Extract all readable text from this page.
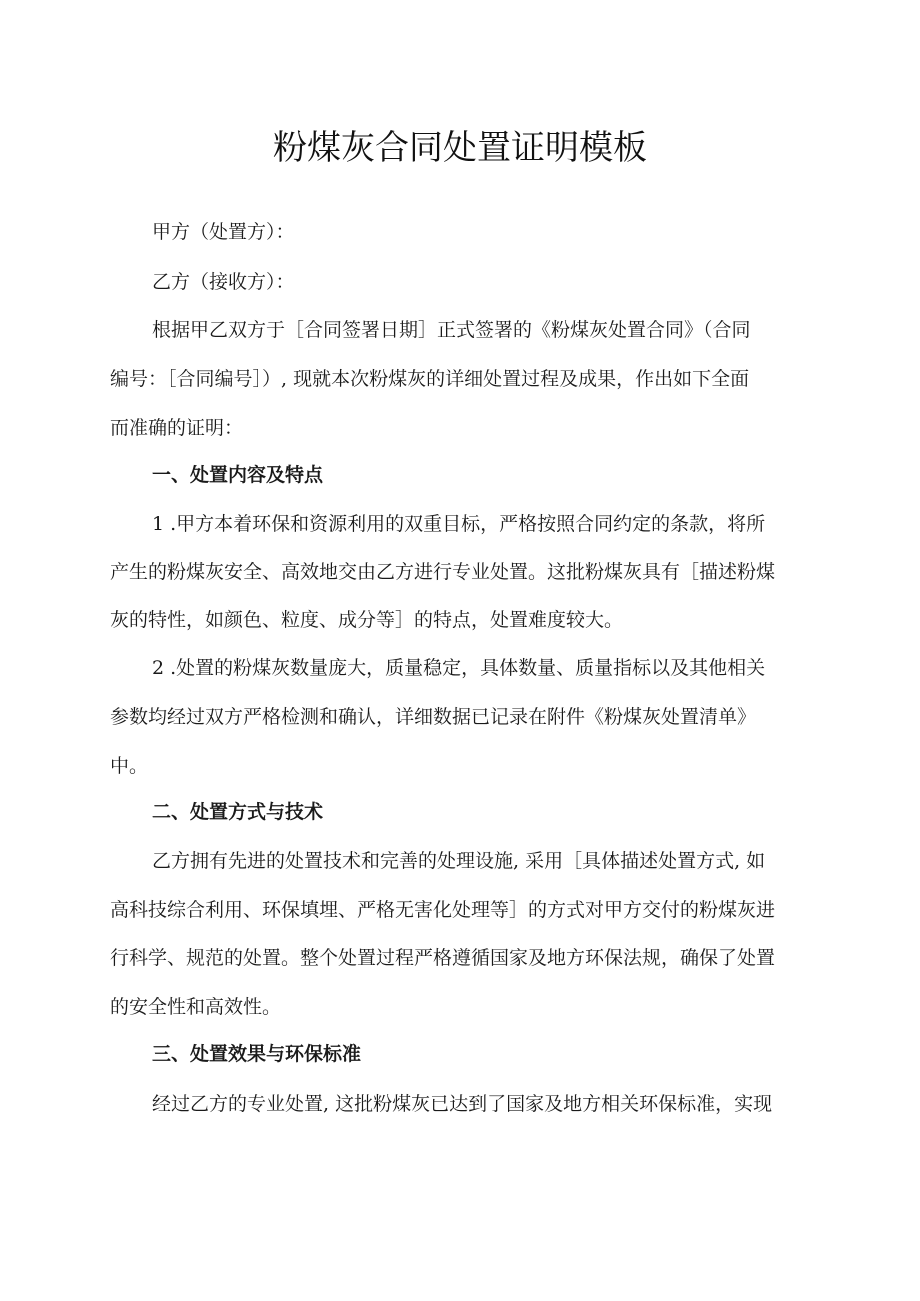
粉煤灰合同处置证明模板
甲方（处置方）：
乙方（接收方）：
根据甲乙双方于［合同签署日期］正式签署的《粉煤灰处置合同》（合同
编号：［合同编号］）, 现就本次粉煤灰的详细处置过程及成果，作出如下全面
而准确的证明：
一、处置内容及特点
1 .甲方本着环保和资源利用的双重目标，严格按照合同约定的条款，将所
产生的粉煤灰安全、高效地交由乙方进行专业处置。这批粉煤灰具有［描述粉煤
灰的特性，如颜色、粒度、成分等］的特点，处置难度较大。
2 .处置的粉煤灰数量庞大，质量稳定，具体数量、质量指标以及其他相关
参数均经过双方严格检测和确认，详细数据已记录在附件《粉煤灰处置清单》
中。
二、处置方式与技术
乙方拥有先进的处置技术和完善的处理设施, 采用［具体描述处置方式, 如
高科技综合利用、环保填埋、严格无害化处理等］的方式对甲方交付的粉煤灰进
行科学、规范的处置。整个处置过程严格遵循国家及地方环保法规，确保了处置
的安全性和高效性。
三、处置效果与环保标准
经过乙方的专业处置, 这批粉煤灰已达到了国家及地方相关环保标准，实现
